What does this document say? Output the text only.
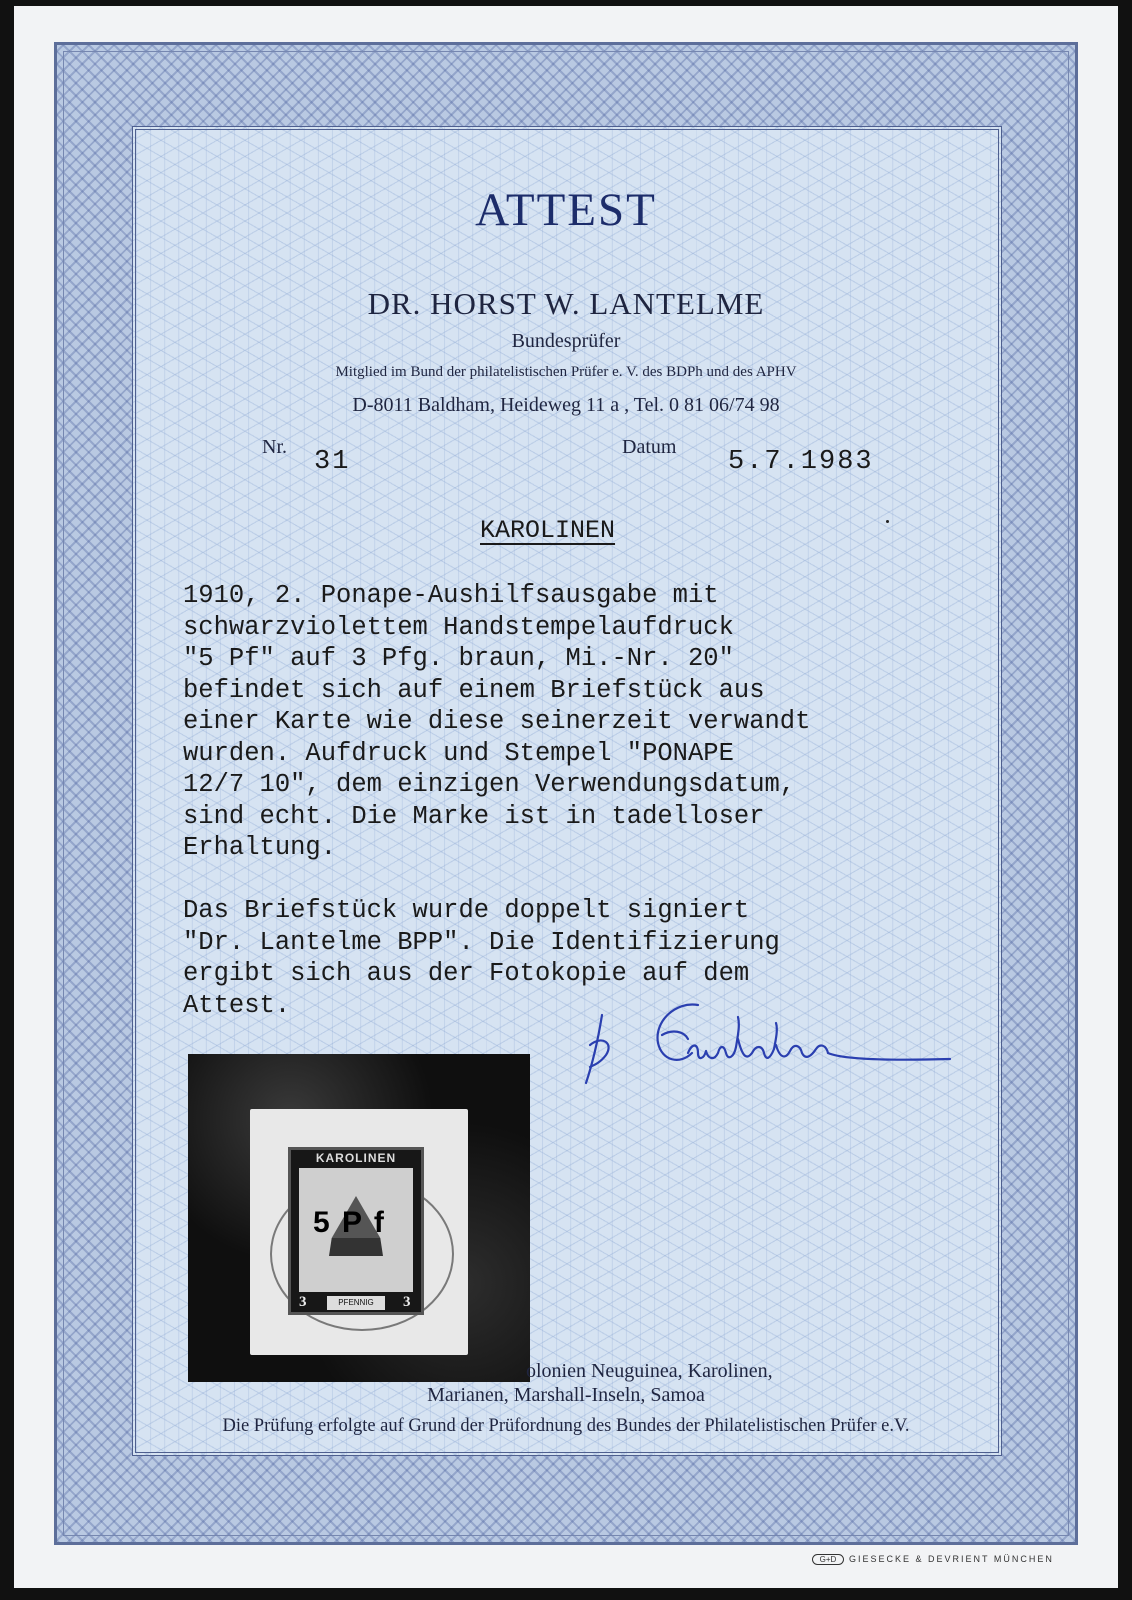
ATTEST
DR. HORST W. LANTELME
Bundesprüfer
Mitglied im Bund der philatelistischen Prüfer e. V. des BDPh und des APHV
D-8011 Baldham, Heideweg 11 a , Tel. 0 81 06/74 98
Nr. 31	Datum 5.7.1983
KAROLINEN
1910, 2. Ponape-Aushilfsausgabe mit
schwarzviolettem Handstempelaufdruck
"5 Pf" auf 3 Pfg. braun, Mi.-Nr. 20"
befindet sich auf einem Briefstück aus
einer Karte wie diese seinerzeit verwandt
wurden. Aufdruck und Stempel "PONAPE
12/7 10", dem einzigen Verwendungsdatum,
sind echt. Die Marke ist in tadelloser
Erhaltung.
Das Briefstück wurde doppelt signiert
"Dr. Lantelme BPP". Die Identifizierung
ergibt sich aus der Fotokopie auf dem
Attest.
KAROLINEN
5 P f
3	PFENNIG	3
olonien Neuguinea, Karolinen,
Marianen, Marshall-Inseln, Samoa
Die Prüfung erfolgte auf Grund der Prüfordnung des Bundes der Philatelistischen Prüfer e.V.
G+D GIESECKE & DEVRIENT MÜNCHEN
